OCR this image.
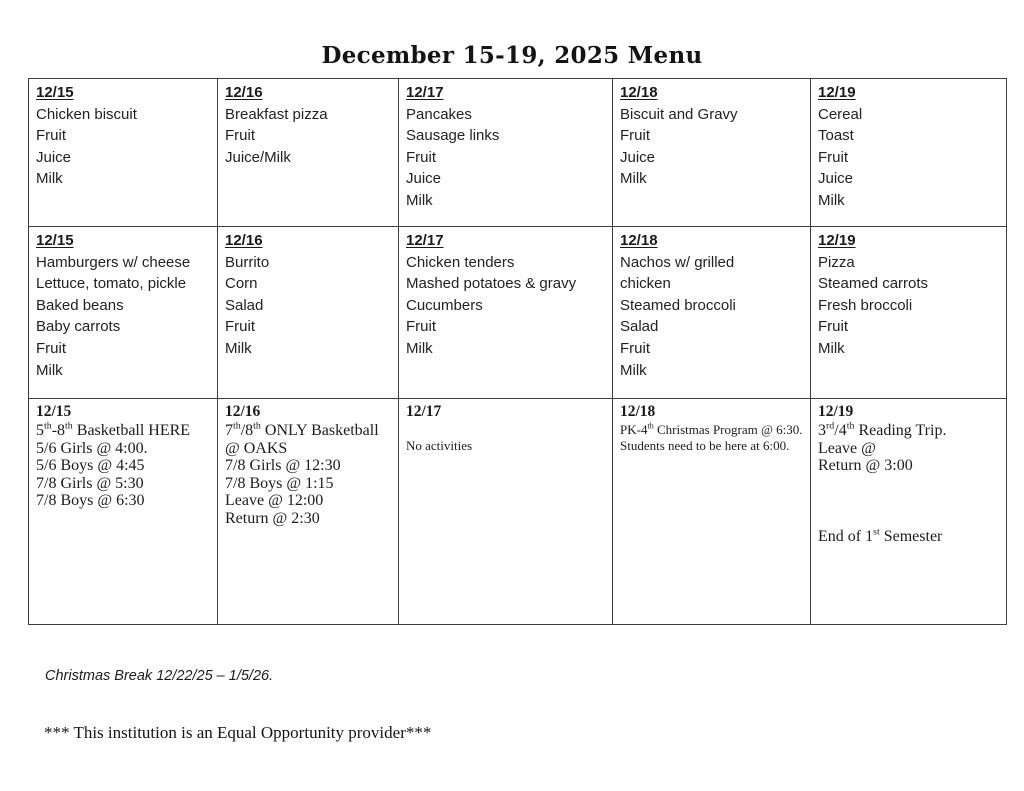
December 15-19, 2025 Menu
12/15
Chicken biscuit
Fruit
Juice
Milk

12/16
Breakfast pizza
Fruit
Juice/Milk

12/17
Pancakes
Sausage links
Fruit
Juice
Milk

12/18
Biscuit and Gravy
Fruit
Juice
Milk

12/19
Cereal
Toast
Fruit
Juice
Milk

12/15
Hamburgers w/ cheese
Lettuce, tomato, pickle
Baked beans
Baby carrots
Fruit
Milk

12/16
Burrito
Corn
Salad
Fruit
Milk

12/17
Chicken tenders
Mashed potatoes & gravy
Cucumbers
Fruit
Milk

12/18
Nachos w/ grilled
chicken
Steamed broccoli
Salad
Fruit
Milk

12/19
Pizza
Steamed carrots
Fresh broccoli
Fruit
Milk

12/15
5th-8th Basketball HERE
5/6 Girls @ 4:00.
5/6 Boys @ 4:45
7/8 Girls @ 5:30
7/8 Boys @ 6:30

12/16
7th/8th ONLY Basketball
@ OAKS
7/8 Girls @ 12:30
7/8 Boys @ 1:15
Leave @ 12:00
Return @ 2:30

12/17

No activities

12/18
PK-4th Christmas Program @ 6:30. Students need to be here at 6:00.

12/19
3rd/4th Reading Trip.
Leave @
Return @ 3:00

End of 1st Semester
Christmas Break 12/22/25 – 1/5/26.
*** This institution is an Equal Opportunity provider***
